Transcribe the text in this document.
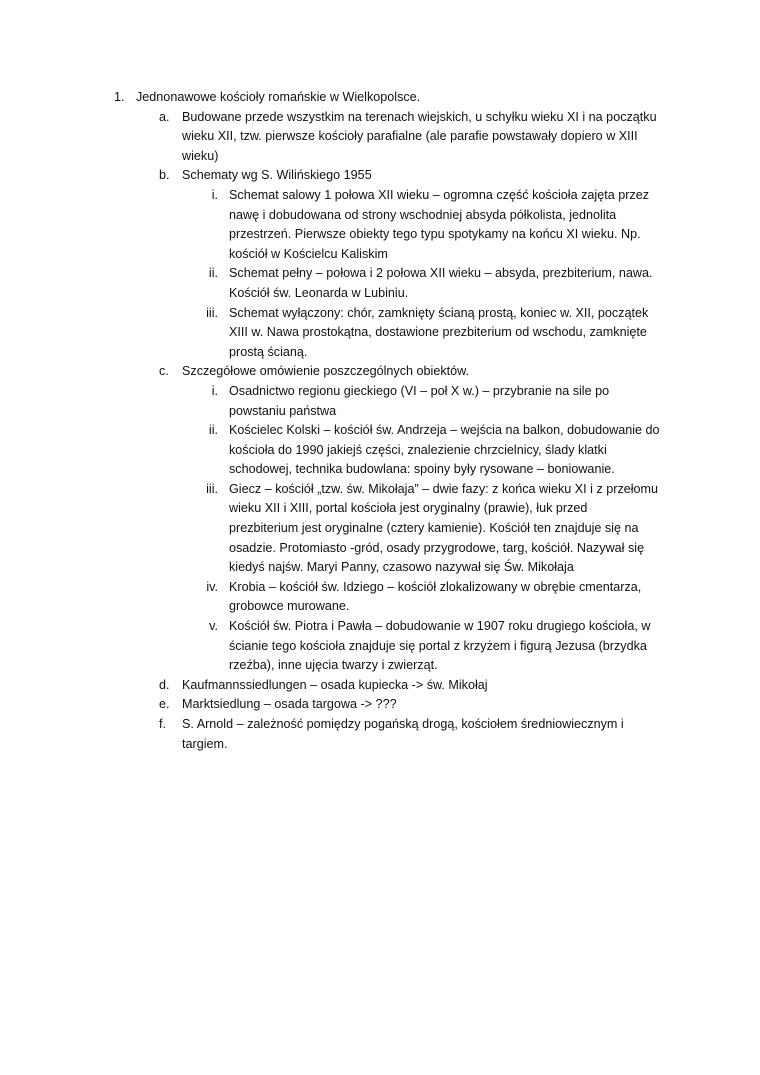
1. Jednonawowe kościoły romańskie w Wielkopolsce.
a. Budowane przede wszystkim na terenach wiejskich, u schyłku wieku XI i na początku wieku XII, tzw. pierwsze kościoły parafialne (ale parafie powstawały dopiero w XIII wieku)
b. Schematy wg S. Wilińskiego 1955
i. Schemat salowy 1 połowa XII wieku – ogromna część kościoła zajęta przez nawę i dobudowana od strony wschodniej absyda półkolista, jednolita przestrzeń. Pierwsze obiekty tego typu spotykamy na końcu XI wieku. Np. kościół w Kościelcu Kaliskim
ii. Schemat pełny – połowa i 2 połowa XII wieku – absyda, prezbiterium, nawa. Kościół św. Leonarda w Lubiniu.
iii. Schemat wyłączony: chór, zamknięty ścianą prostą, koniec w. XII, początek XIII w. Nawa prostokątna, dostawione prezbiterium od wschodu, zamknięte prostą ścianą.
c. Szczegółowe omówienie poszczególnych obiektów.
i. Osadnictwo regionu gieckiego (VI – poł X w.) – przybranie na sile po powstaniu państwa
ii. Kościelec Kolski – kościół św. Andrzeja – wejścia na balkon, dobudowanie do kościoła do 1990 jakiejś części, znalezienie chrzcielnicy, ślady klatki schodowej, technika budowlana: spoiny były rysowane – boniowanie.
iii. Giecz – kościół „tzw. św. Mikołaja” – dwie fazy: z końca wieku XI i z przełomu wieku XII i XIII, portal kościoła jest oryginalny (prawie), łuk przed prezbiterium jest oryginalne (cztery kamienie). Kościół ten znajduje się na osadzie. Protomiasto -gród, osady przygrodowe, targ, kościół. Nazywał się kiedyś najśw. Maryi Panny, czasowo nazywał się Św. Mikołaja
iv. Krobia – kościół św. Idziego – kościół zlokalizowany w obrębie cmentarza, grobowce murowane.
v. Kościół św. Piotra i Pawła – dobudowanie w 1907 roku drugiego kościoła, w ścianie tego kościoła znajduje się portal z krzyżem i figurą Jezusa (brzydka rzeźba), inne ujęcia twarzy i zwierząt.
d. Kaufmannssiedlungen – osada kupiecka -> św. Mikołaj
e. Marktsiedlung – osada targowa -> ???
f. S. Arnold – zależność pomiędzy pogańską drogą, kościołem średniowiecznym i targiem.
